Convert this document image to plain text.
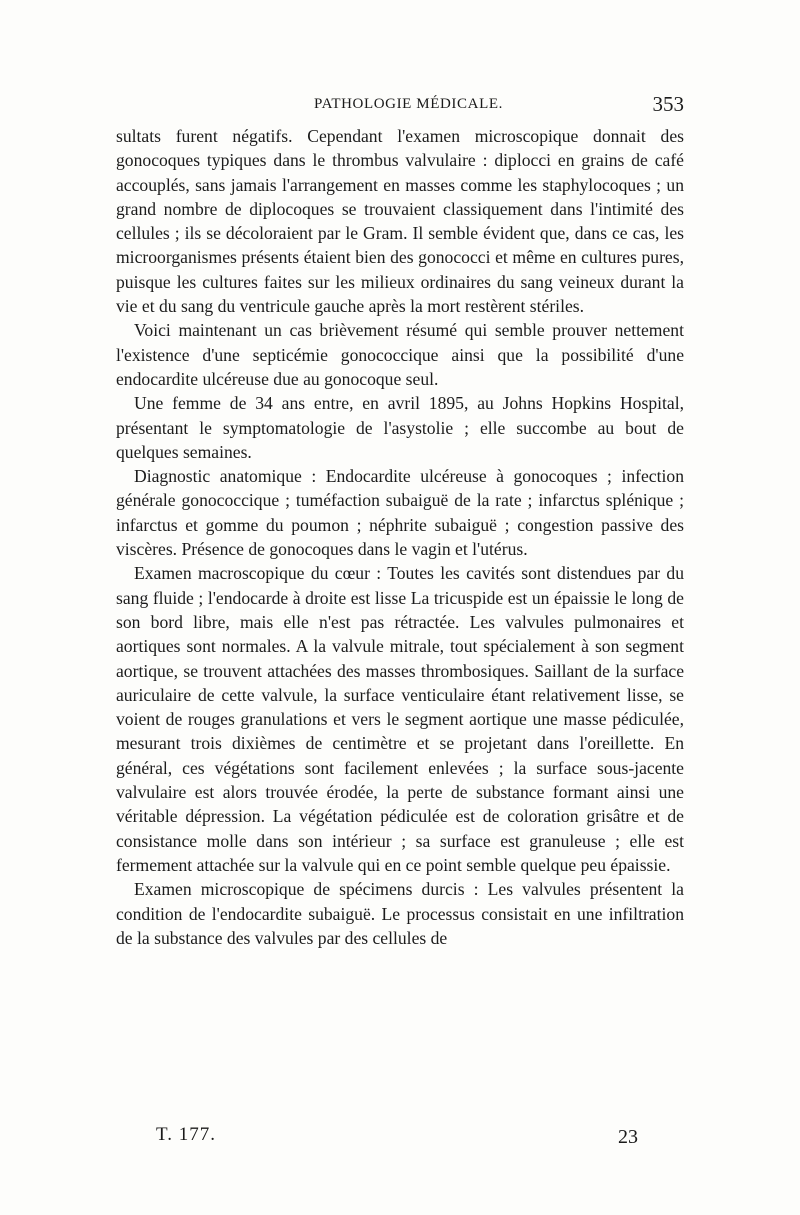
PATHOLOGIE MÉDICALE.	353

sultats furent négatifs. Cependant l'examen microscopique donnait des gonocoques typiques dans le thrombus valvulaire : diplocci en grains de café accouplés, sans jamais l'arrangement en masses comme les staphylocoques ; un grand nombre de diplocoques se trouvaient classiquement dans l'intimité des cellules ; ils se décoloraient par le Gram. Il semble évident que, dans ce cas, les microorganismes présents étaient bien des gonococci et même en cultures pures, puisque les cultures faites sur les milieux ordinaires du sang veineux durant la vie et du sang du ventricule gauche après la mort restèrent stériles.

Voici maintenant un cas brièvement résumé qui semble prouver nettement l'existence d'une septicémie gonococcique ainsi que la possibilité d'une endocardite ulcéreuse due au gonocoque seul.

Une femme de 34 ans entre, en avril 1895, au Johns Hopkins Hospital, présentant le symptomatologie de l'asystolie ; elle succombe au bout de quelques semaines.

Diagnostic anatomique : Endocardite ulcéreuse à gonocoques ; infection générale gonococcique ; tuméfaction subaiguë de la rate ; infarctus splénique ; infarctus et gomme du poumon ; néphrite subaiguë ; congestion passive des viscères. Présence de gonocoques dans le vagin et l'utérus.

Examen macroscopique du cœur : Toutes les cavités sont distendues par du sang fluide ; l'endocarde à droite est lisse La tricuspide est un épaissie le long de son bord libre, mais elle n'est pas rétractée. Les valvules pulmonaires et aortiques sont normales. A la valvule mitrale, tout spécialement à son segment aortique, se trouvent attachées des masses thrombosiques. Saillant de la surface auriculaire de cette valvule, la surface venticulaire étant relativement lisse, se voient de rouges granulations et vers le segment aortique une masse pédiculée, mesurant trois dixièmes de centimètre et se projetant dans l'oreillette. En général, ces végétations sont facilement enlevées ; la surface sous-jacente valvulaire est alors trouvée érodée, la perte de substance formant ainsi une véritable dépression. La végétation pédiculée est de coloration grisâtre et de consistance molle dans son intérieur ; sa surface est granuleuse ; elle est fermement attachée sur la valvule qui en ce point semble quelque peu épaissie.

Examen microscopique de spécimens durcis : Les valvules présentent la condition de l'endocardite subaiguë. Le processus consistait en une infiltration de la substance des valvules par des cellules de

T. 177.	23
